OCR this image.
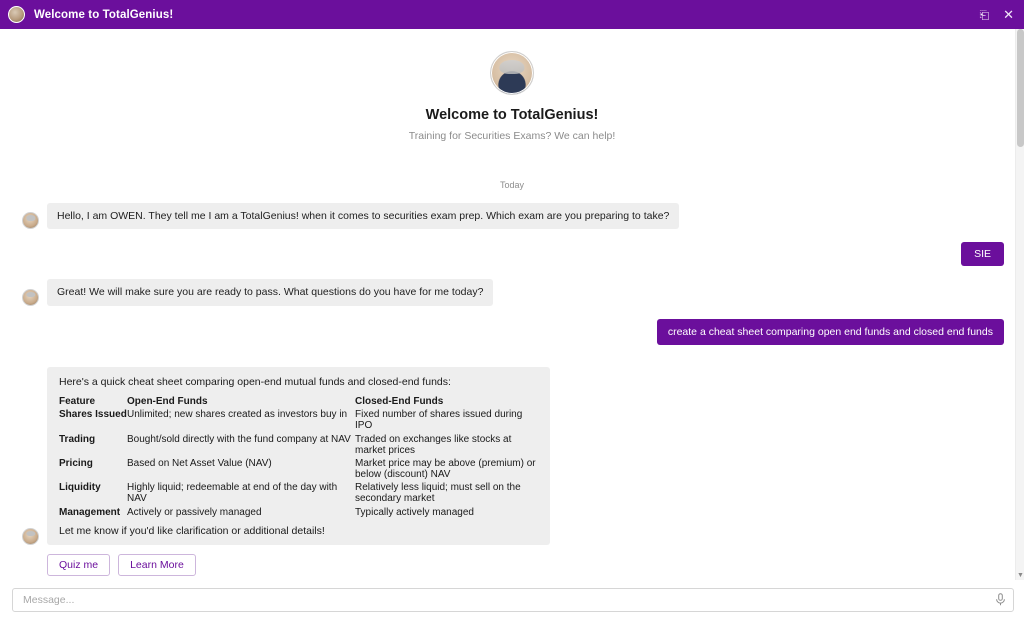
Welcome to TotalGenius!	⎗ ✕
Welcome to TotalGenius!

Training for Securities Exams? We can help!

Today
Hello, I am OWEN. They tell me I am a TotalGenius! when it comes to securities exam prep. Which exam are you preparing to take?
SIE
Great! We will make sure you are ready to pass. What questions do you have for me today?
create a cheat sheet comparing open end funds and closed end funds
Here's a quick cheat sheet comparing open-end mutual funds and closed-end funds:
Feature	Open-End Funds	Closed-End Funds
Shares Issued	Unlimited; new shares created as investors buy in	Fixed number of shares issued during IPO
Trading	Bought/sold directly with the fund company at NAV	Traded on exchanges like stocks at market prices
Pricing	Based on Net Asset Value (NAV)	Market price may be above (premium) or below (discount) NAV
Liquidity	Highly liquid; redeemable at end of the day with NAV	Relatively less liquid; must sell on the secondary market
Management	Actively or passively managed	Typically actively managed
Let me know if you'd like clarification or additional details!
Quiz me	Learn More
▼
Message...
